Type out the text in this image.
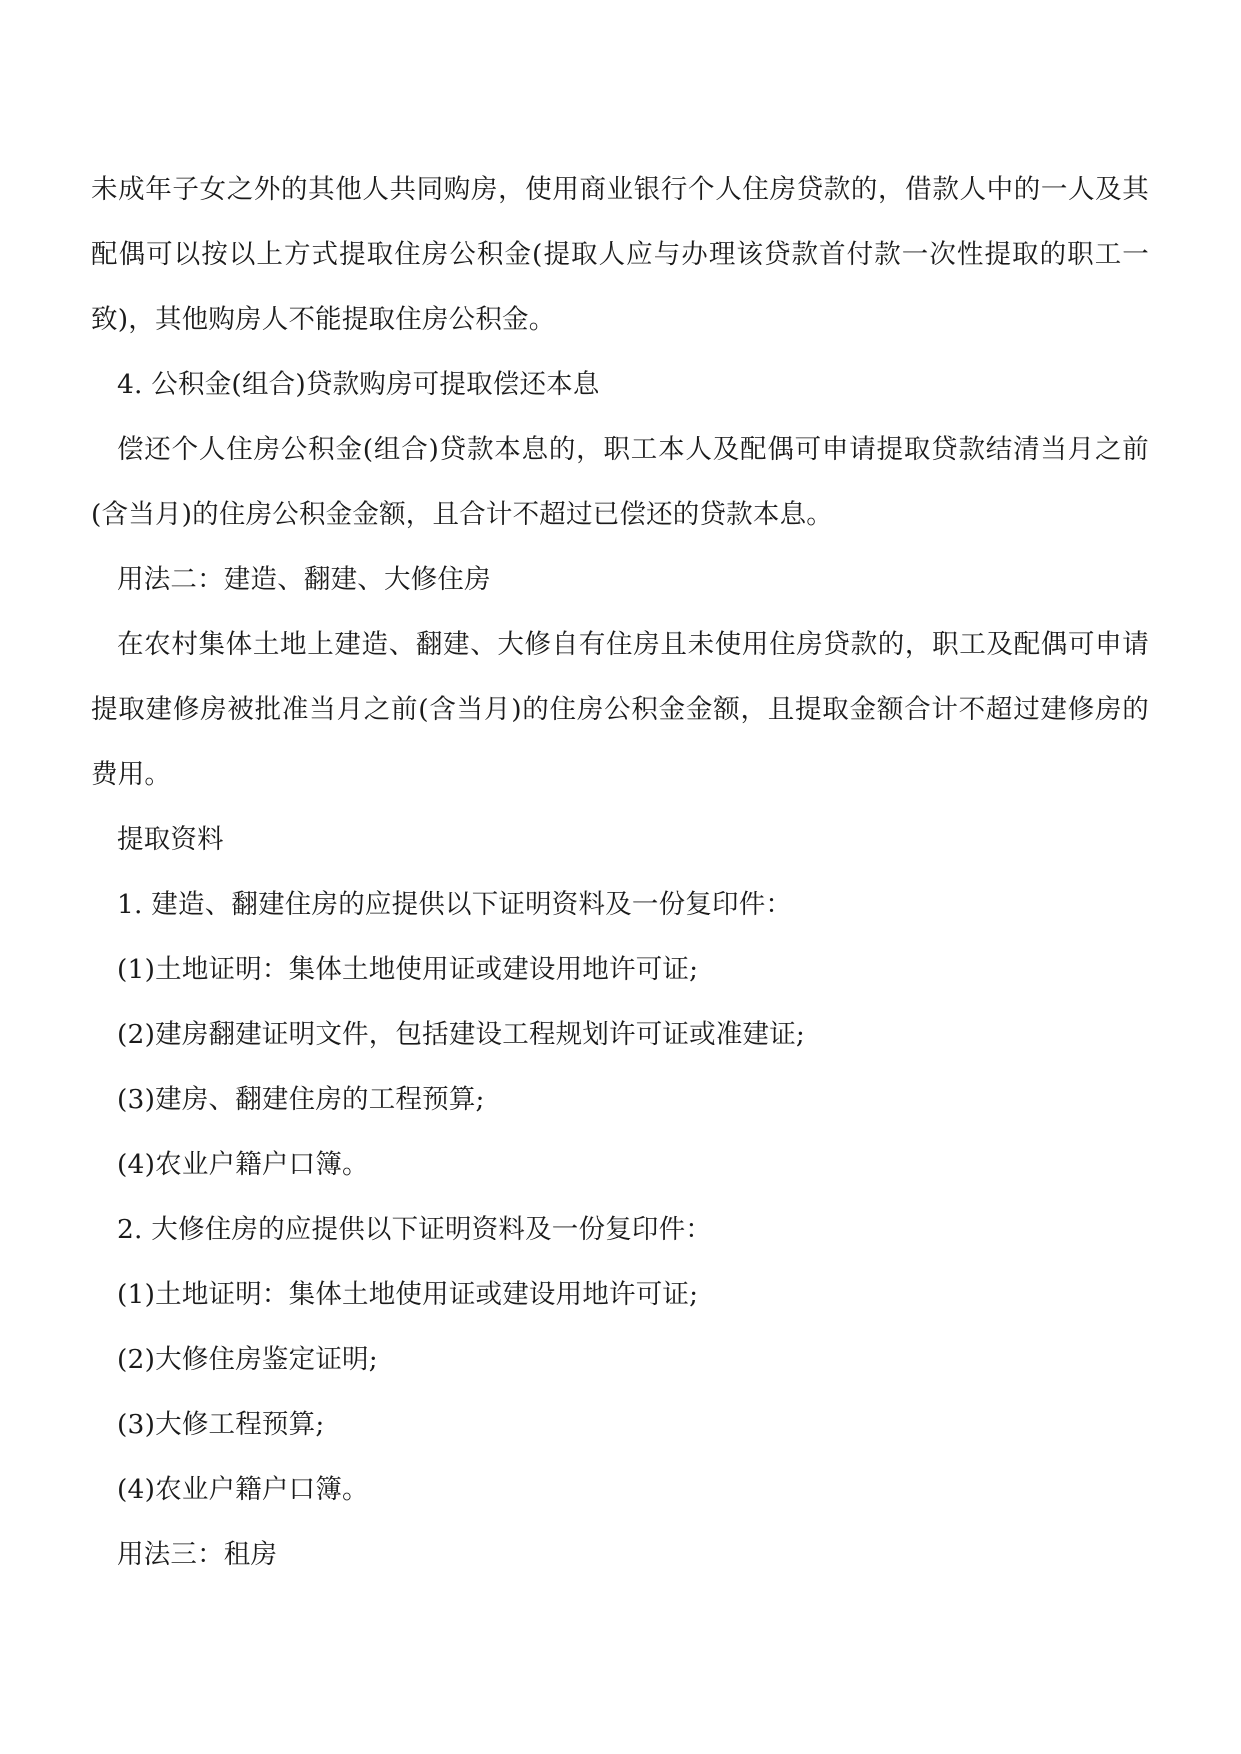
未成年子女之外的其他人共同购房，使用商业银行个人住房贷款的，借款人中的一人及其
配偶可以按以上方式提取住房公积金(提取人应与办理该贷款首付款一次性提取的职工一
致)，其他购房人不能提取住房公积金。

4. 公积金(组合)贷款购房可提取偿还本息

偿还个人住房公积金(组合)贷款本息的，职工本人及配偶可申请提取贷款结清当月之前
(含当月)的住房公积金金额，且合计不超过已偿还的贷款本息。

用法二：建造、翻建、大修住房

在农村集体土地上建造、翻建、大修自有住房且未使用住房贷款的，职工及配偶可申请
提取建修房被批准当月之前(含当月)的住房公积金金额，且提取金额合计不超过建修房的
费用。

提取资料

1. 建造、翻建住房的应提供以下证明资料及一份复印件：

(1)土地证明：集体土地使用证或建设用地许可证;

(2)建房翻建证明文件，包括建设工程规划许可证或准建证;

(3)建房、翻建住房的工程预算;

(4)农业户籍户口簿。

2. 大修住房的应提供以下证明资料及一份复印件：

(1)土地证明：集体土地使用证或建设用地许可证;

(2)大修住房鉴定证明;

(3)大修工程预算;

(4)农业户籍户口簿。

用法三：租房
